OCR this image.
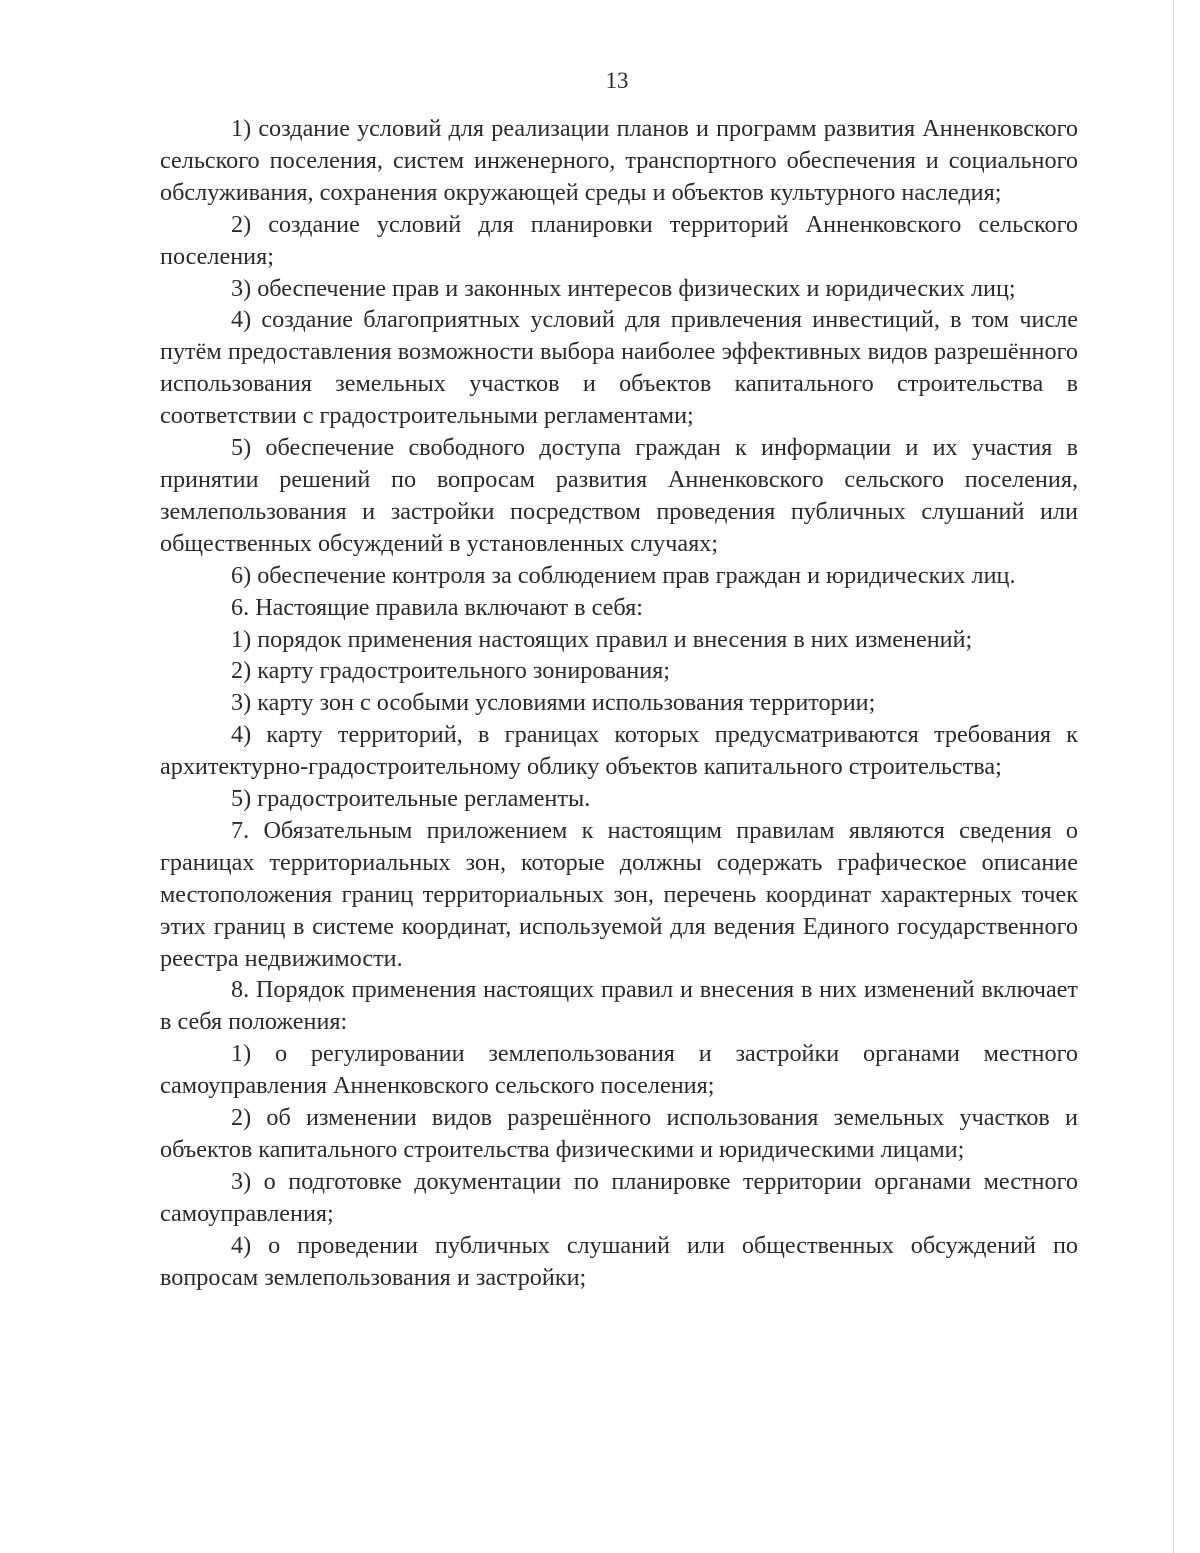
13

1) создание условий для реализации планов и программ развития Анненковского сельского поселения, систем инженерного, транспортного обеспечения и социального обслуживания, сохранения окружающей среды и объектов культурного наследия;

2) создание условий для планировки территорий Анненковского сельского поселения;

3) обеспечение прав и законных интересов физических и юридических лиц;

4) создание благоприятных условий для привлечения инвестиций, в том числе путём предоставления возможности выбора наиболее эффективных видов разрешённого использования земельных участков и объектов капитального строительства в соответствии с градостроительными регламентами;

5) обеспечение свободного доступа граждан к информации и их участия в принятии решений по вопросам развития Анненковского сельского поселения, землепользования и застройки посредством проведения публичных слушаний или общественных обсуждений в установленных случаях;

6) обеспечение контроля за соблюдением прав граждан и юридических лиц.

6. Настоящие правила включают в себя:

1) порядок применения настоящих правил и внесения в них изменений;

2) карту градостроительного зонирования;

3) карту зон с особыми условиями использования территории;

4) карту территорий, в границах которых предусматриваются требования к архитектурно-градостроительному облику объектов капитального строительства;

5) градостроительные регламенты.

7. Обязательным приложением к настоящим правилам являются сведения о границах территориальных зон, которые должны содержать графическое описание местоположения границ территориальных зон, перечень координат характерных точек этих границ в системе координат, используемой для ведения Единого государственного реестра недвижимости.

8. Порядок применения настоящих правил и внесения в них изменений включает в себя положения:

1) о регулировании землепользования и застройки органами местного самоуправления Анненковского сельского поселения;

2) об изменении видов разрешённого использования земельных участков и объектов капитального строительства физическими и юридическими лицами;

3) о подготовке документации по планировке территории органами местного самоуправления;

4) о проведении публичных слушаний или общественных обсуждений по вопросам землепользования и застройки;
